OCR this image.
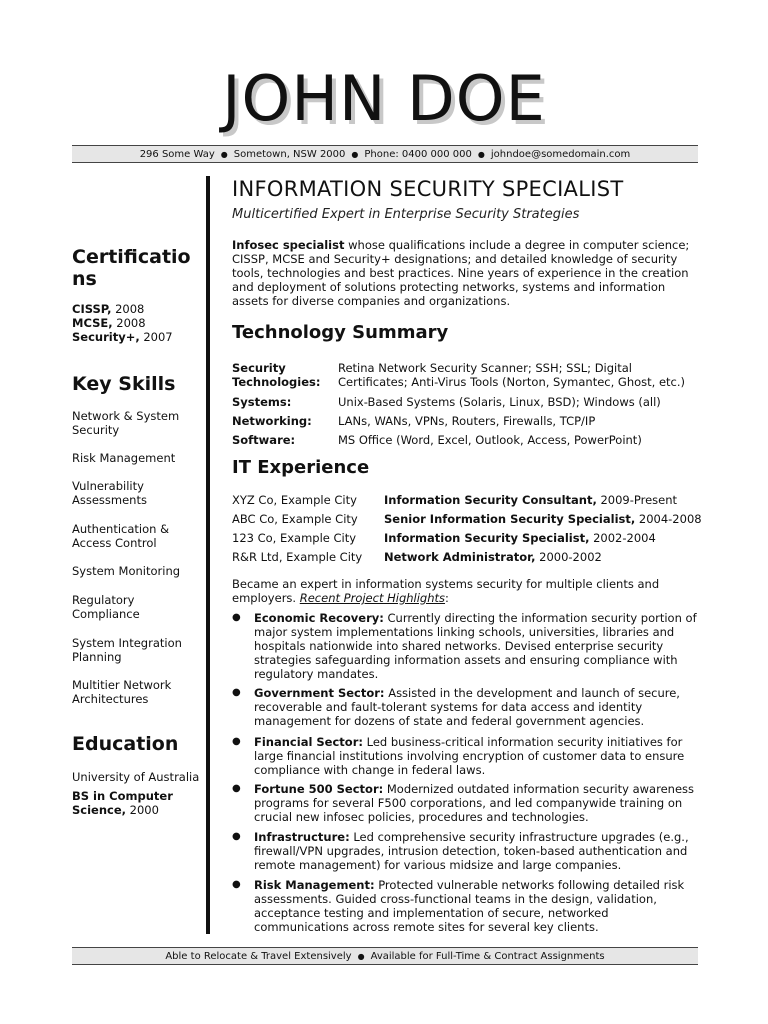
JOHN DOE
296 Some Way ● Sometown, NSW 2000 ● Phone: 0400 000 000 ● johndoe@somedomain.com
Certifications
CISSP, 2008
MCSE, 2008
Security+, 2007
Key Skills
Network & System Security
Risk Management
Vulnerability Assessments
Authentication & Access Control
System Monitoring
Regulatory Compliance
System Integration Planning
Multitier Network Architectures
Education
University of Australia
BS in Computer Science, 2000
INFORMATION SECURITY SPECIALIST
Multicertified Expert in Enterprise Security Strategies
Infosec specialist whose qualifications include a degree in computer science; CISSP, MCSE and Security+ designations; and detailed knowledge of security tools, technologies and best practices. Nine years of experience in the creation and deployment of solutions protecting networks, systems and information assets for diverse companies and organizations.
Technology Summary
Security Technologies:
Retina Network Security Scanner; SSH; SSL; Digital Certificates; Anti-Virus Tools (Norton, Symantec, Ghost, etc.)
Systems:	Unix-Based Systems (Solaris, Linux, BSD); Windows (all)
Networking:	LANs, WANs, VPNs, Routers, Firewalls, TCP/IP
Software:	MS Office (Word, Excel, Outlook, Access, PowerPoint)
IT Experience
XYZ Co, Example City Information Security Consultant, 2009-Present
ABC Co, Example City Senior Information Security Specialist, 2004-2008
123 Co, Example City Information Security Specialist, 2002-2004
R&R Ltd, Example City Network Administrator, 2000-2002
Became an expert in information systems security for multiple clients and employers. Recent Project Highlights:
● Economic Recovery: Currently directing the information security portion of major system implementations linking schools, universities, libraries and hospitals nationwide into shared networks. Devised enterprise security strategies safeguarding information assets and ensuring compliance with regulatory mandates.
● Government Sector: Assisted in the development and launch of secure, recoverable and fault-tolerant systems for data access and identity management for dozens of state and federal government agencies.
● Financial Sector: Led business-critical information security initiatives for large financial institutions involving encryption of customer data to ensure compliance with change in federal laws.
● Fortune 500 Sector: Modernized outdated information security awareness programs for several F500 corporations, and led companywide training on crucial new infosec policies, procedures and technologies.
● Infrastructure: Led comprehensive security infrastructure upgrades (e.g., firewall/VPN upgrades, intrusion detection, token-based authentication and remote management) for various midsize and large companies.
● Risk Management: Protected vulnerable networks following detailed risk assessments. Guided cross-functional teams in the design, validation, acceptance testing and implementation of secure, networked communications across remote sites for several key clients.
Able to Relocate & Travel Extensively ● Available for Full-Time & Contract Assignments
